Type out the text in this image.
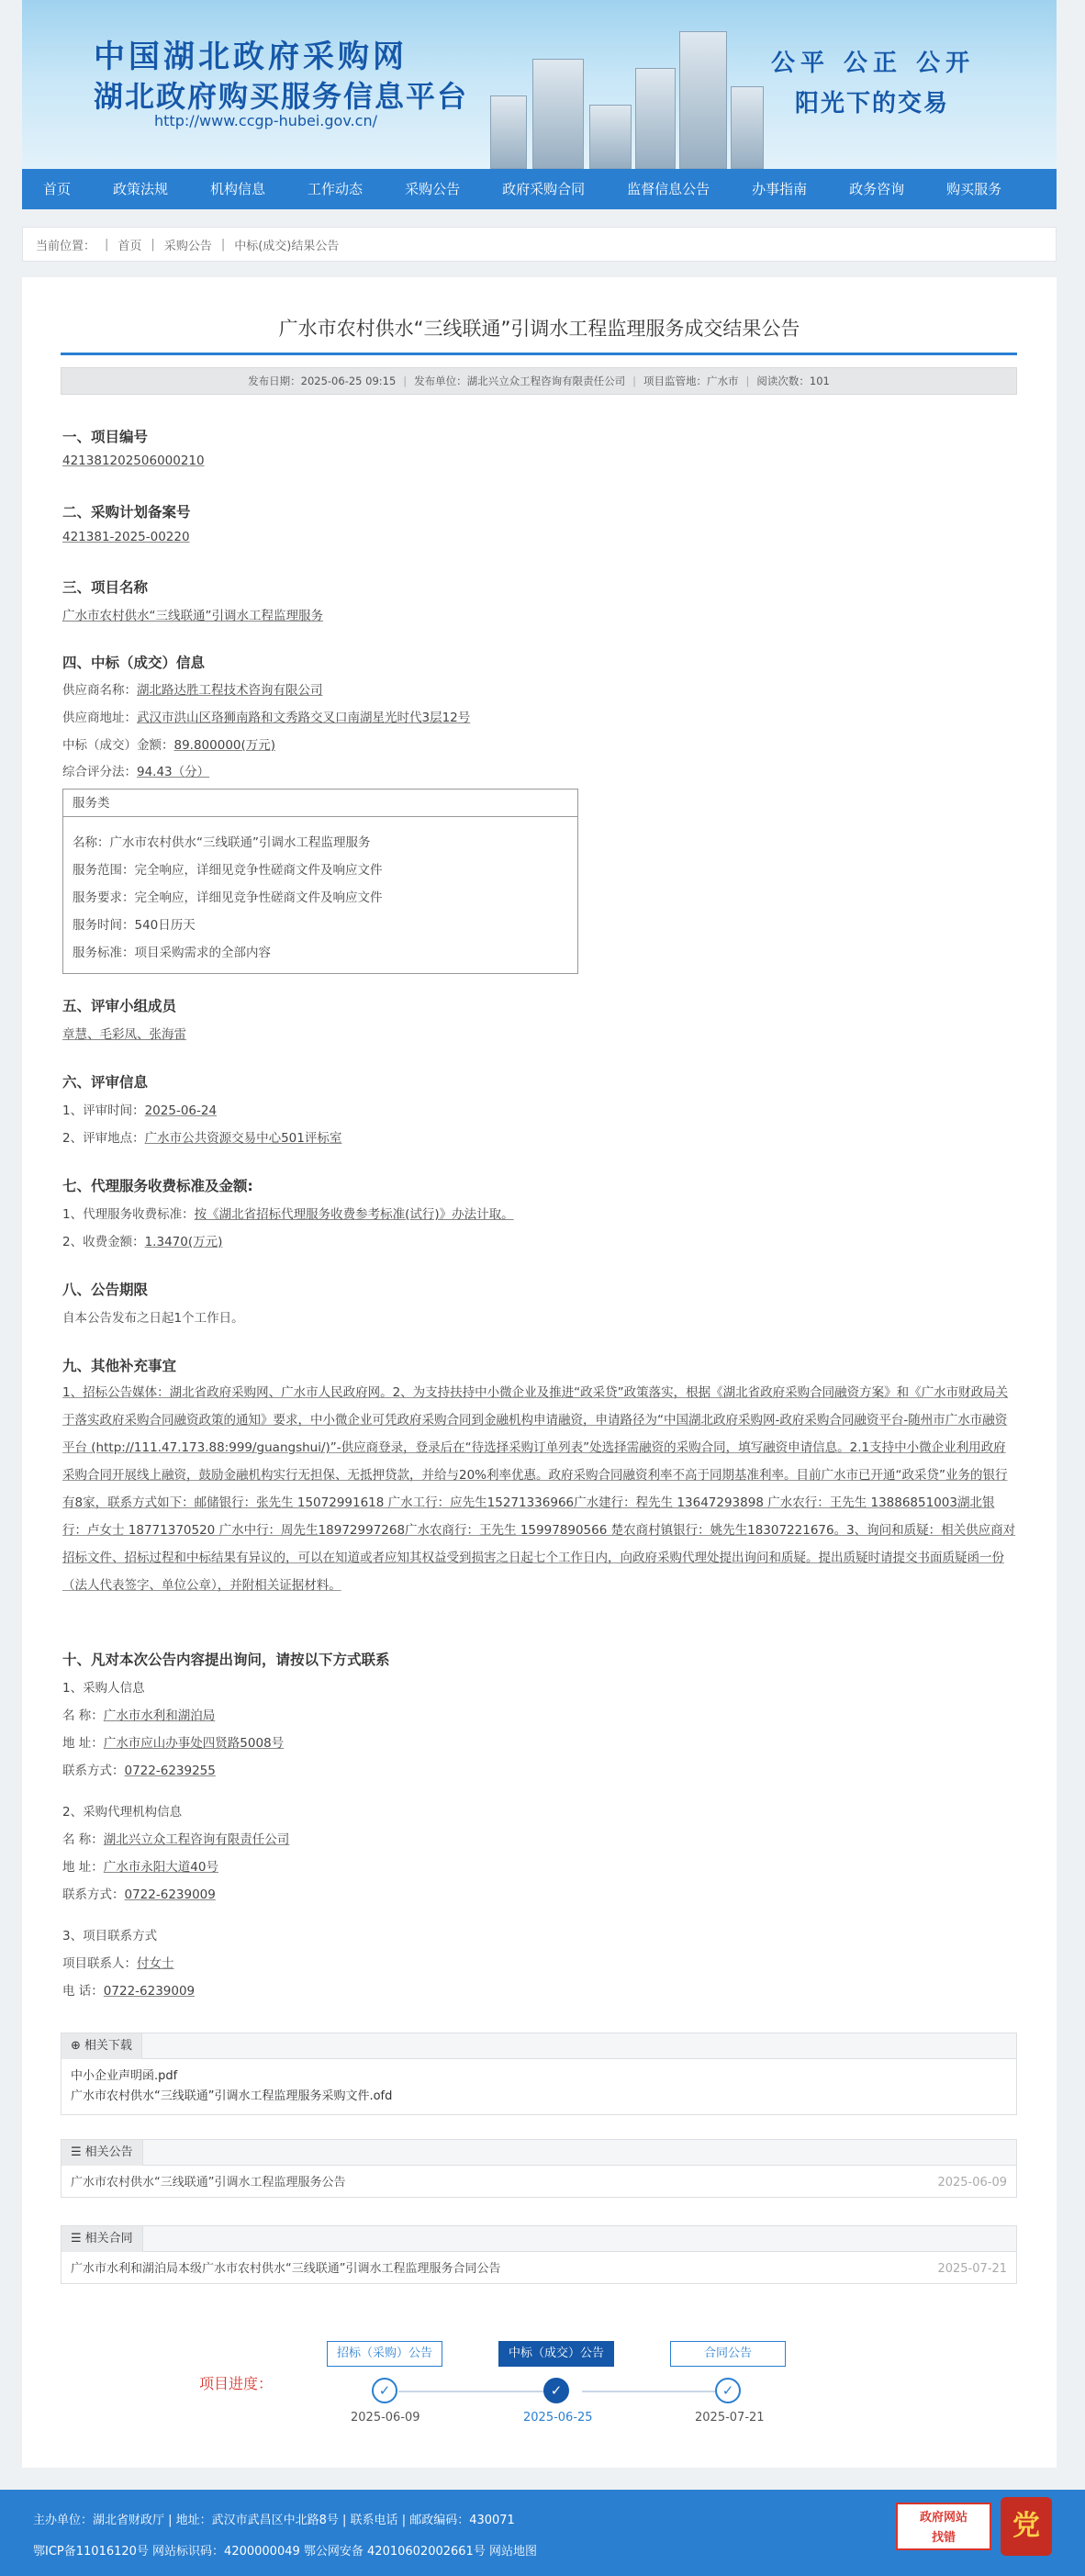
中国湖北政府采购网
湖北政府购买服务信息平台
http://www.ccgp-hubei.gov.cn/
公平 公正 公开
阳光下的交易
首页	政策法规	机构信息	工作动态	采购公告	政府采购合同	监督信息公告	办事指南	政务咨询	购买服务
当前位置： | 首页 | 采购公告 | 中标(成交)结果公告
广水市农村供水“三线联通”引调水工程监理服务成交结果公告
发布日期：2025-06-25 09:15 | 发布单位：湖北兴立众工程咨询有限责任公司 | 项目监管地：广水市 | 阅读次数：101
一、项目编号
421381202506000210
二、采购计划备案号
421381-2025-00220
三、项目名称
广水市农村供水“三线联通”引调水工程监理服务
四、中标（成交）信息
供应商名称：湖北路达胜工程技术咨询有限公司
供应商地址：武汉市洪山区珞狮南路和文秀路交叉口南湖星光时代3层12号
中标（成交）金额：89.800000(万元)
综合评分法：94.43（分）
服务类
名称：广水市农村供水“三线联通”引调水工程监理服务
服务范围：完全响应，详细见竞争性磋商文件及响应文件
服务要求：完全响应，详细见竞争性磋商文件及响应文件
服务时间：540日历天
服务标准：项目采购需求的全部内容
五、评审小组成员
章慧、毛彩凤、张海雷
六、评审信息
1、评审时间：2025-06-24
2、评审地点：广水市公共资源交易中心501评标室
七、代理服务收费标准及金额:
1、代理服务收费标准：按《湖北省招标代理服务收费参考标准(试行)》办法计取。
2、收费金额：1.3470(万元)
八、公告期限
自本公告发布之日起1个工作日。
九、其他补充事宜
1、招标公告媒体：湖北省政府采购网、广水市人民政府网。2、为支持扶持中小微企业及推进“政采贷”政策落实，根据《湖北省政府采购合同融资方案》和《广水市财政局关于落实政府采购合同融资政策的通知》要求，中小微企业可凭政府采购合同到金融机构申请融资，申请路径为“中国湖北政府采购网-政府采购合同融资平台-随州市广水市融资平台 (http://111.47.173.88:999/guangshui/)”-供应商登录，登录后在“待选择采购订单列表”处选择需融资的采购合同，填写融资申请信息。2.1支持中小微企业利用政府采购合同开展线上融资，鼓励金融机构实行无担保、无抵押贷款，并给与20%利率优惠。政府采购合同融资利率不高于同期基准利率。目前广水市已开通“政采贷”业务的银行有8家，联系方式如下：邮储银行：张先生 15072991618 广水工行：应先生15271336966广水建行：程先生 13647293898 广水农行：王先生 13886851003湖北银行：卢女士 18771370520 广水中行：周先生18972997268广水农商行：王先生 15997890566 楚农商村镇银行：姚先生18307221676。3、询问和质疑：相关供应商对招标文件、招标过程和中标结果有异议的，可以在知道或者应知其权益受到损害之日起七个工作日内，向政府采购代理处提出询问和质疑。提出质疑时请提交书面质疑函一份（法人代表签字、单位公章），并附相关证据材料。
十、凡对本次公告内容提出询问，请按以下方式联系
1、采购人信息
名 称：广水市水利和湖泊局
地 址：广水市应山办事处四贤路5008号
联系方式：0722-6239255
2、采购代理机构信息
名 称：湖北兴立众工程咨询有限责任公司
地 址：广水市永阳大道40号
联系方式：0722-6239009
3、项目联系方式
项目联系人：付女士
电 话：0722-6239009
⊕ 相关下载
中小企业声明函.pdf
广水市农村供水“三线联通”引调水工程监理服务采购文件.ofd
☰ 相关公告
广水市农村供水“三线联通”引调水工程监理服务公告	2025-06-09
☰ 相关合同
广水市水利和湖泊局本级广水市农村供水“三线联通”引调水工程监理服务合同公告	2025-07-21
项目进度：
招标（采购）公告
✓
2025-06-09
中标（成交）公告
✓
2025-06-25
合同公告
✓
2025-07-21
主办单位：湖北省财政厅 | 地址：武汉市武昌区中北路8号 | 联系电话 | 邮政编码：430071
鄂ICP备11016120号 网站标识码：4200000049 鄂公网安备 42010602002661号 网站地图
政府网站
找错	党
